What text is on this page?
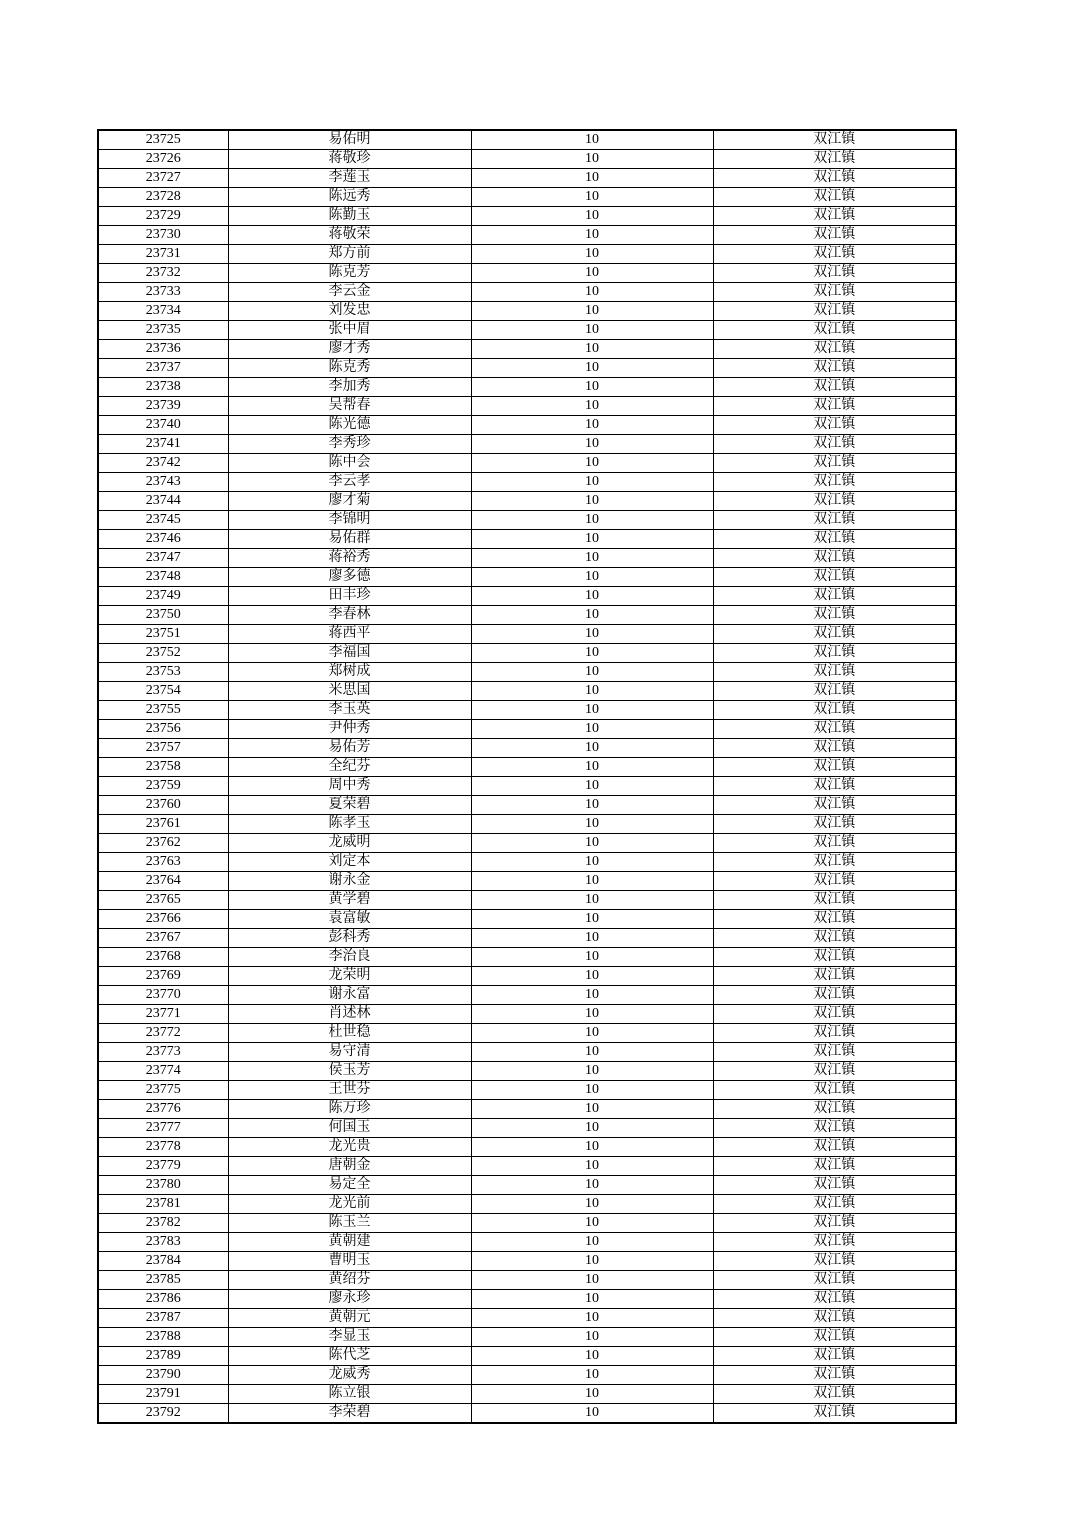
23725	易佑明	10	双江镇
23726	蒋敬珍	10	双江镇
23727	李莲玉	10	双江镇
23728	陈远秀	10	双江镇
23729	陈勤玉	10	双江镇
23730	蒋敬荣	10	双江镇
23731	郑方前	10	双江镇
23732	陈克芳	10	双江镇
23733	李云金	10	双江镇
23734	刘发忠	10	双江镇
23735	张中眉	10	双江镇
23736	廖才秀	10	双江镇
23737	陈克秀	10	双江镇
23738	李加秀	10	双江镇
23739	吴帮春	10	双江镇
23740	陈光德	10	双江镇
23741	李秀珍	10	双江镇
23742	陈中会	10	双江镇
23743	李云孝	10	双江镇
23744	廖才菊	10	双江镇
23745	李锦明	10	双江镇
23746	易佑群	10	双江镇
23747	蒋裕秀	10	双江镇
23748	廖多德	10	双江镇
23749	田丰珍	10	双江镇
23750	李春林	10	双江镇
23751	蒋西平	10	双江镇
23752	李福国	10	双江镇
23753	郑树成	10	双江镇
23754	米思国	10	双江镇
23755	李玉英	10	双江镇
23756	尹仲秀	10	双江镇
23757	易佑芳	10	双江镇
23758	全纪芬	10	双江镇
23759	周中秀	10	双江镇
23760	夏荣碧	10	双江镇
23761	陈孝玉	10	双江镇
23762	龙威明	10	双江镇
23763	刘定本	10	双江镇
23764	谢永金	10	双江镇
23765	黄学碧	10	双江镇
23766	袁富敏	10	双江镇
23767	彭科秀	10	双江镇
23768	李治良	10	双江镇
23769	龙荣明	10	双江镇
23770	谢永富	10	双江镇
23771	肖述林	10	双江镇
23772	杜世稳	10	双江镇
23773	易守清	10	双江镇
23774	侯玉芳	10	双江镇
23775	王世芬	10	双江镇
23776	陈万珍	10	双江镇
23777	何国玉	10	双江镇
23778	龙光贵	10	双江镇
23779	唐朝金	10	双江镇
23780	易定全	10	双江镇
23781	龙光前	10	双江镇
23782	陈玉兰	10	双江镇
23783	黄朝建	10	双江镇
23784	曹明玉	10	双江镇
23785	黄绍芬	10	双江镇
23786	廖永珍	10	双江镇
23787	黄朝元	10	双江镇
23788	李显玉	10	双江镇
23789	陈代芝	10	双江镇
23790	龙威秀	10	双江镇
23791	陈立银	10	双江镇
23792	李荣碧	10	双江镇
